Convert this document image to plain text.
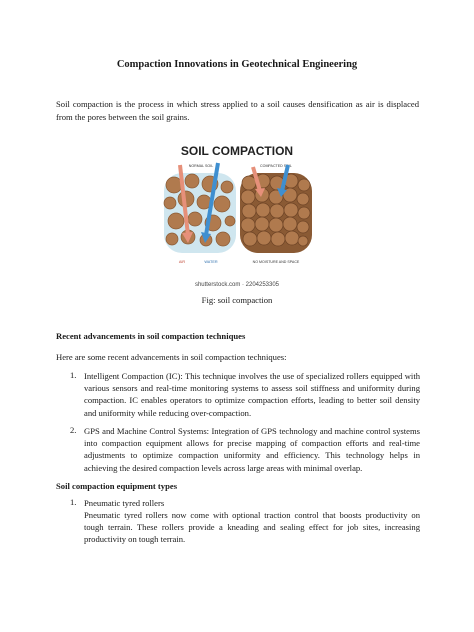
Compaction Innovations in Geotechnical Engineering
Soil compaction is the process in which stress applied to a soil causes densification as air is displaced from the pores between the soil grains.
SOIL COMPACTION
NORMAL SOIL	COMPACTED SOIL
AIR	WATER	NO MOISTURE AND SPACE
shutterstock.com · 2204253305
Fig: soil compaction
Recent advancements in soil compaction techniques
Here are some recent advancements in soil compaction techniques:
1. Intelligent Compaction (IC): This technique involves the use of specialized rollers equipped with various sensors and real-time monitoring systems to assess soil stiffness and uniformity during compaction. IC enables operators to optimize compaction efforts, leading to better soil density and uniformity while reducing over-compaction.
2. GPS and Machine Control Systems: Integration of GPS technology and machine control systems into compaction equipment allows for precise mapping of compaction efforts and real-time adjustments to optimize compaction uniformity and efficiency. This technology helps in achieving the desired compaction levels across large areas with minimal overlap.
Soil compaction equipment types
1. Pneumatic tyred rollers
Pneumatic tyred rollers now come with optional traction control that boosts productivity on tough terrain. These rollers provide a kneading and sealing effect for job sites, increasing productivity on tough terrain.
